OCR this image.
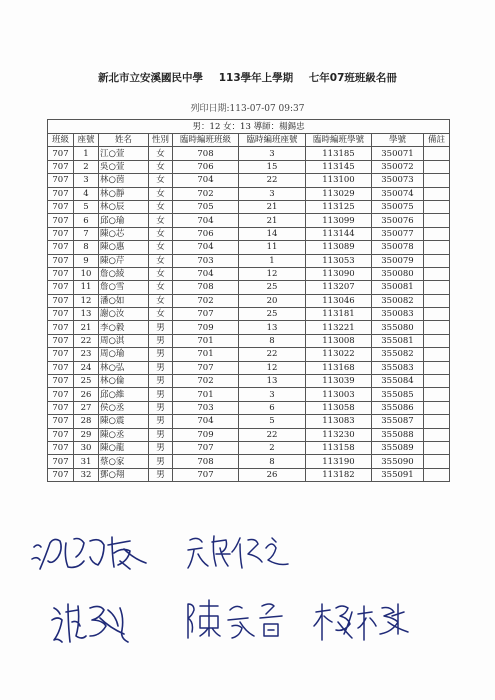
新北市立安溪國民中學 113學年上學期 七年07班班級名冊
列印日期:113-07-07 09:37
男：12 女：13 導師：楊錫忠								
班級	座號	姓名	性別	臨時編班班級	臨時編班座號	臨時編班學號	學號	備註
707	1	江○萱	女	708	3	113185	350071	
707	2	吳○萱	女	706	15	113145	350072	
707	3	林○茵	女	704	22	113100	350073	
707	4	林○靜	女	702	3	113029	350074	
707	5	林○辰	女	705	21	113125	350075	
707	6	邱○瑜	女	704	21	113099	350076	
707	7	陳○芯	女	706	14	113144	350077	
707	8	陳○惠	女	704	11	113089	350078	
707	9	陳○芹	女	703	1	113053	350079	
707	10	詹○綾	女	704	12	113090	350080	
707	11	詹○雪	女	708	25	113207	350081	
707	12	潘○如	女	702	20	113046	350082	
707	13	謝○汝	女	707	25	113181	350083	
707	21	李○毅	男	709	13	113221	355080	
707	22	周○淇	男	701	8	113008	355081	
707	23	周○瑜	男	701	22	113022	355082	
707	24	林○弘	男	707	12	113168	355083	
707	25	林○倫	男	702	13	113039	355084	
707	26	邱○維	男	701	3	113003	355085	
707	27	侯○丞	男	703	6	113058	355086	
707	28	陳○震	男	704	5	113083	355087	
707	29	陳○丞	男	709	22	113230	355088	
707	30	陳○龍	男	707	2	113158	355089	
707	31	蔡○家	男	708	8	113190	355090	
707	32	鄧○翔	男	707	26	113182	355091	
